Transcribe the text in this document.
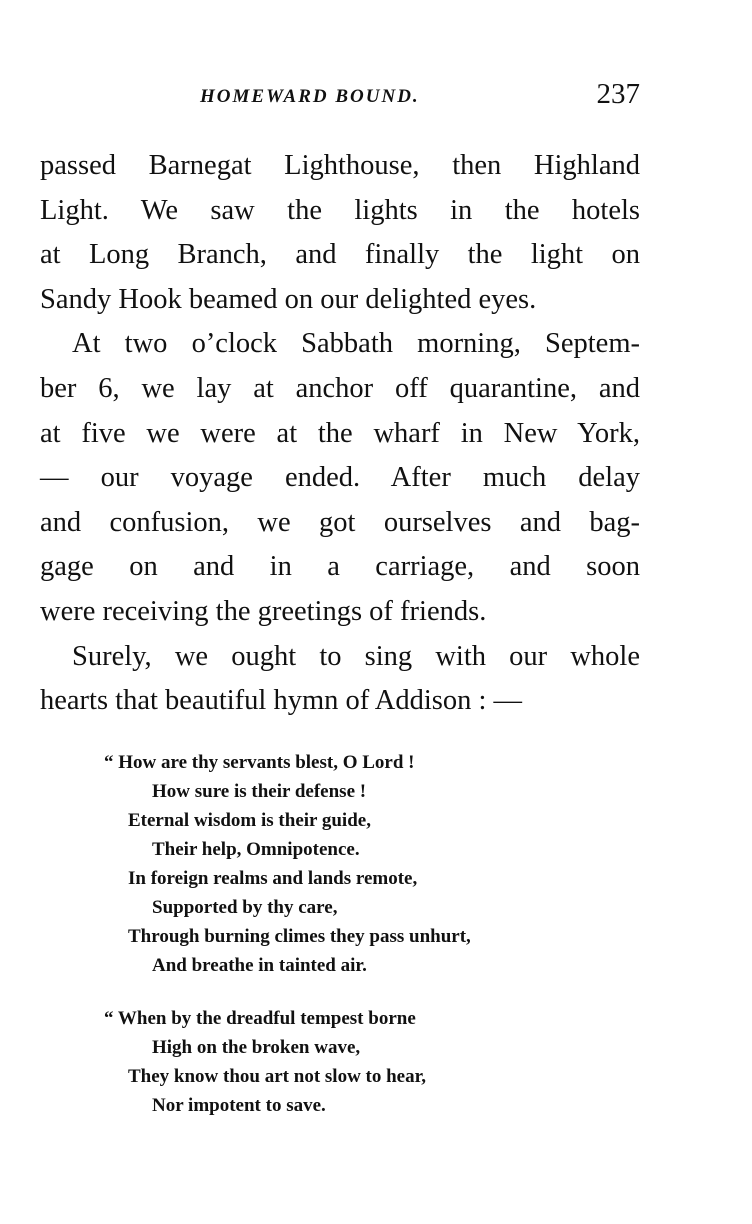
HOMEWARD BOUND.	237

passed Barnegat Lighthouse, then Highland
Light. We saw the lights in the hotels
at Long Branch, and finally the light on
Sandy Hook beamed on our delighted eyes.

At two o’clock Sabbath morning, Septem-
ber 6, we lay at anchor off quarantine, and
at five we were at the wharf in New York,
— our voyage ended. After much delay
and confusion, we got ourselves and bag-
gage on and in a carriage, and soon
were receiving the greetings of friends.

Surely, we ought to sing with our whole
hearts that beautiful hymn of Addison : —

“ How are thy servants blest, O Lord !
How sure is their defense !
Eternal wisdom is their guide,
Their help, Omnipotence.
In foreign realms and lands remote,
Supported by thy care,
Through burning climes they pass unhurt,
And breathe in tainted air.
“ When by the dreadful tempest borne
High on the broken wave,
They know thou art not slow to hear,
Nor impotent to save.
